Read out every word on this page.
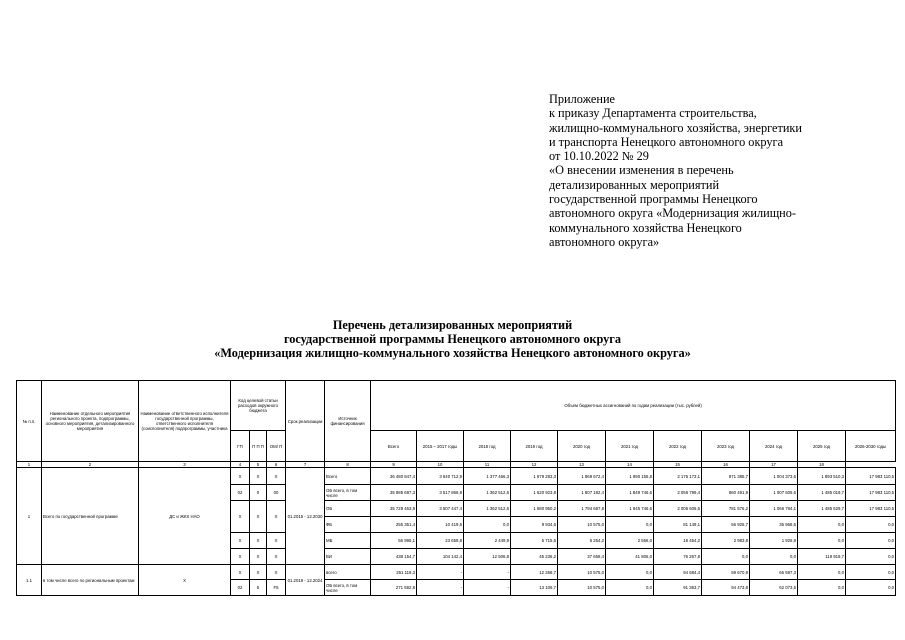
Приложение
к приказу Департамента строительства,
жилищно-коммунального хозяйства, энергетики
и транспорта Ненецкого автономного округа
от 10.10.2022 № 29
«О внесении изменения в перечень
детализированных мероприятий
государственной программы Ненецкого
автономного округа «Модернизация жилищно-
коммунального хозяйства Ненецкого
автономного округа»
Перечень детализированных мероприятий
государственной программы Ненецкого автономного округа
«Модернизация жилищно-коммунального хозяйства Ненецкого автономного округа»
№ п.п.	Наименование отдельного мероприятия регионального проекта, подпрограммы, основного мероприятия, детализированного мероприятия	Наименование ответственного исполнителя государственной программы, ответственного исполнителя (соисполнителя) подпрограммы, участника	Код целевой статьи расходов окружного бюджета			Срок реализации	Источник финансирования	Объем бюджетных ассигнований по годам реализации (тыс. рублей)										
			ГП	П П П	ОМ/ П			Всего	2015 – 2017 годы	2018 год	2019 год	2020 год	2021 год	2022 год	2023 год	2024 год	2025 год	2026-2030 годы
1	2	3	4	5	6	7	8	9	10	11	12	13	14	15	16	17	18	
1	Всего по государственной программе	ДС и ЖКХ НАО	X	X	X	01.2015 - 12.2030	Всего	36 480 847,4	3 640 712,9	1 377 466,3	1 679 283,3	1 869 672,4	1 890 155,8	2 175 173,1	871 385,7	1 004 373,6	1 893 510,3	17 983 110,5
			02	0	00		ОБ всего, в том числе	35 985 697,3	3 517 866,9	1 362 512,6	1 620 923,8	1 807 182,4	1 849 746,6	2 056 799,4	860 491,9	1 007 605,6	1 485 019,7	17 983 110,5
			X	X	X		ОБ	35 729 463,9	3 507 447,4	1 362 512,6	1 680 950,2	1 794 687,8	1 845 746,6	2 005 606,5	781 576,2	1 066 784,1	1 485 629,7	17 983 110,5
							ФБ	255 351,4	10 419,5	0,0	9 934,6	10 575,0	0,0	81 149,1	56 925,7	35 968,5	0,0	0,0
			X	X	X		МБ	56 995,1	23 658,8	2 449,9	5 715,5	6 254,2	2 556,0	18 454,2	2 983,8	1 926,9	0,0	0,0
			X	X	X		ВИ	438 154,7	104 142,4	12 506,8	45 236,2	37 658,4	41 806,0	76 267,8	0,0	0,0	119 919,7	0,0
1.1	в том числе всего по региональным проектам	X	X	X	X	01.2019 - 12.2024	всего	251 119,3	-	-	12 268,7	10 575,0	0,0	94 684,4	59 670,9	65 597,3	0,0	0,0
			02	5	F5		ОБ всего, в том числе	271 592,8	-	-	13 106,7	10 575,0	0,0	91 363,7	94 473,8	62 073,5	0,0	0,0
